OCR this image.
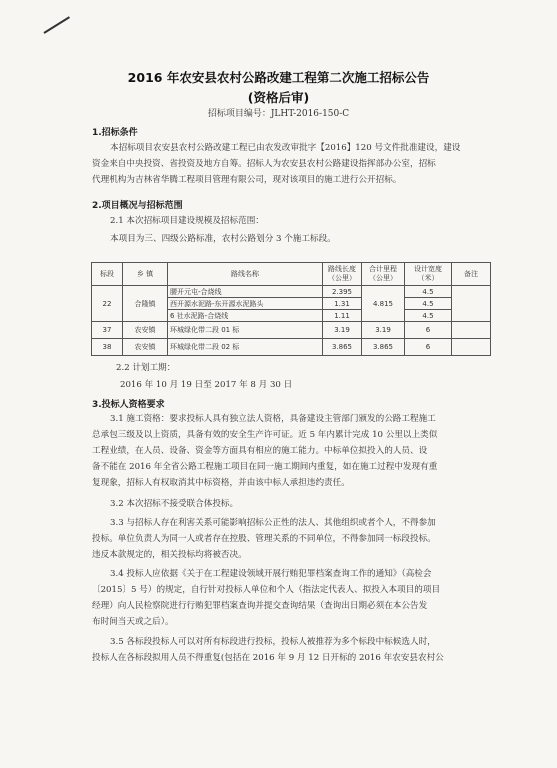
2016 年农安县农村公路改建工程第二次施工招标公告
(资格后审)
招标项目编号：JLHT-2016-150-C
1.招标条件
本招标项目农安县农村公路改建工程已由农发改审批字【2016】120 号文件批准建设，建设
资金来自中央投资、省投资及地方自筹。招标人为农安县农村公路建设指挥部办公室，招标
代理机构为吉林省华腾工程项目管理有限公司，现对该项目的施工进行公开招标。
2.项目概况与招标范围
2.1 本次招标项目建设规模及招标范围：
本项目为三、四级公路标准，农村公路划分 3 个施工标段。
标段	乡 镇	路线名称	路线长度（公里）	合计里程（公里）	设计宽度（米）	备注
22	合隆镇	腰开元屯-合烧线	2.395	4.815	4.5	
		西开源水泥路-东开源水泥路头	1.31		4.5	
		6 社水泥路-合烧线	1.11		4.5	
37	农安镇	环城绿化带二段 01 标	3.19	3.19	6	
38	农安镇	环城绿化带二段 02 标	3.865	3.865	6	
2.2 计划工期：
2016 年 10 月 19 日至 2017 年 8 月 30 日
3.投标人资格要求
3.1 施工资格：要求投标人具有独立法人资格，具备建设主管部门颁发的公路工程施工
总承包三级及以上资质，具备有效的安全生产许可证。近 5 年内累计完成 10 公里以上类似
工程业绩，在人员、设备、资金等方面具有相应的施工能力。中标单位拟投入的人员、设
备不能在 2016 年全省公路工程施工项目在同一施工期间内重复，如在施工过程中发现有重
复现象，招标人有权取消其中标资格，并由该中标人承担违约责任。
3.2 本次招标不接受联合体投标。
3.3 与招标人存在利害关系可能影响招标公正性的法人、其他组织或者个人，不得参加
投标。单位负责人为同一人或者存在控股、管理关系的不同单位，不得参加同一标段投标。
违反本款规定的，相关投标均将被否决。
3.4 投标人应依据《关于在工程建设领域开展行贿犯罪档案查询工作的通知》（高检会
〔2015〕5 号）的规定，自行针对投标人单位和个人（指法定代表人、拟投入本项目的项目
经理）向人民检察院进行行贿犯罪档案查询并提交查询结果（查询出日期必须在本公告发
布时间当天或之后）。
3.5 各标段投标人可以对所有标段进行投标，投标人被推荐为多个标段中标候选人时，
投标人在各标段拟用人员不得重复(包括在 2016 年 9 月 12 日开标的 2016 年农安县农村公
